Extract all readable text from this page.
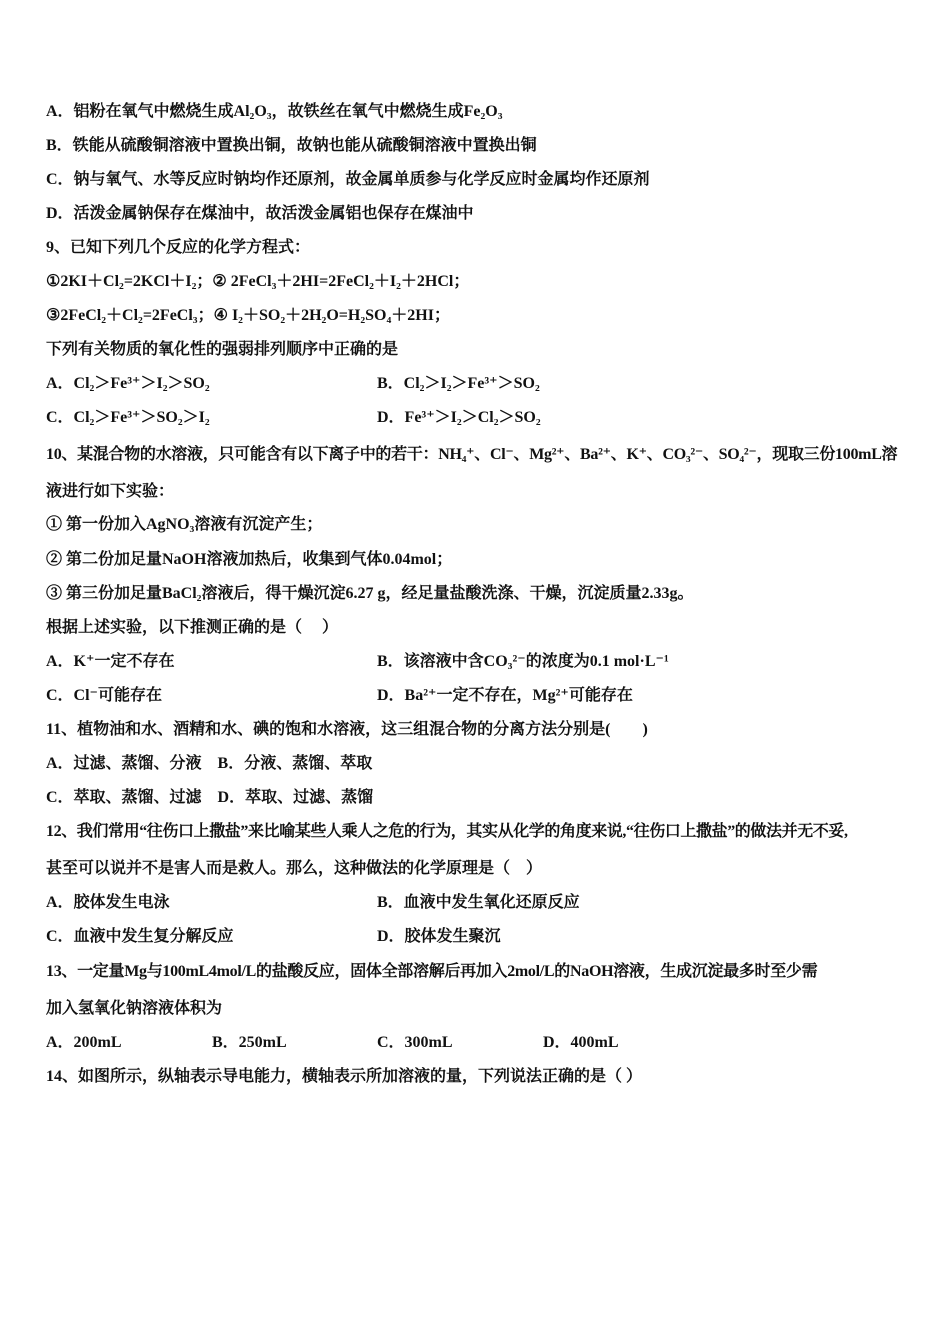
A．铝粉在氧气中燃烧生成Al₂O₃，故铁丝在氧气中燃烧生成Fe₂O₃
B．铁能从硫酸铜溶液中置换出铜，故钠也能从硫酸铜溶液中置换出铜
C．钠与氧气、水等反应时钠均作还原剂，故金属单质参与化学反应时金属均作还原剂
D．活泼金属钠保存在煤油中，故活泼金属铝也保存在煤油中
9、已知下列几个反应的化学方程式：
①2KI＋Cl₂=2KCl＋I₂；② 2FeCl₃＋2HI=2FeCl₂＋I₂＋2HCl；
③2FeCl₂＋Cl₂=2FeCl₃；④ I₂＋SO₂＋2H₂O=H₂SO₄＋2HI；
下列有关物质的氧化性的强弱排列顺序中正确的是
A．Cl₂＞Fe³⁺＞I₂＞SO₂	B．Cl₂＞I₂＞Fe³⁺＞SO₂
C．Cl₂＞Fe³⁺＞SO₂＞I₂	D．Fe³⁺＞I₂＞Cl₂＞SO₂
10、某混合物的水溶液，只可能含有以下离子中的若干：NH₄⁺、Cl⁻、Mg²⁺、Ba²⁺、K⁺、CO₃²⁻、SO₄²⁻，现取三份100mL溶
液进行如下实验：
① 第一份加入AgNO₃溶液有沉淀产生；
② 第二份加足量NaOH溶液加热后，收集到气体0.04mol；
③ 第三份加足量BaCl₂溶液后，得干燥沉淀6.27 g，经足量盐酸洗涤、干燥，沉淀质量2.33g。
根据上述实验，以下推测正确的是（　 ）
A．K⁺一定不存在	B．该溶液中含CO₃²⁻的浓度为0.1 mol·L⁻¹
C．Cl⁻可能存在	D．Ba²⁺一定不存在，Mg²⁺可能存在
11、植物油和水、酒精和水、碘的饱和水溶液，这三组混合物的分离方法分别是(　　)
A．过滤、蒸馏、分液　B．分液、蒸馏、萃取
C．萃取、蒸馏、过滤　D．萃取、过滤、蒸馏
12、我们常用“往伤口上撒盐”来比喻某些人乘人之危的行为，其实从化学的角度来说,“往伤口上撒盐”的做法并无不妥,
甚至可以说并不是害人而是救人。那么，这种做法的化学原理是（　）
A．胶体发生电泳	B．血液中发生氧化还原反应
C．血液中发生复分解反应	D．胶体发生聚沉
13、一定量Mg与100mL4mol/L的盐酸反应，固体全部溶解后再加入2mol/L的NaOH溶液，生成沉淀最多时至少需
加入氢氧化钠溶液体积为
A．200mL	B．250mL	C．300mL	D．400mL
14、如图所示，纵轴表示导电能力，横轴表示所加溶液的量，下列说法正确的是（ ）
